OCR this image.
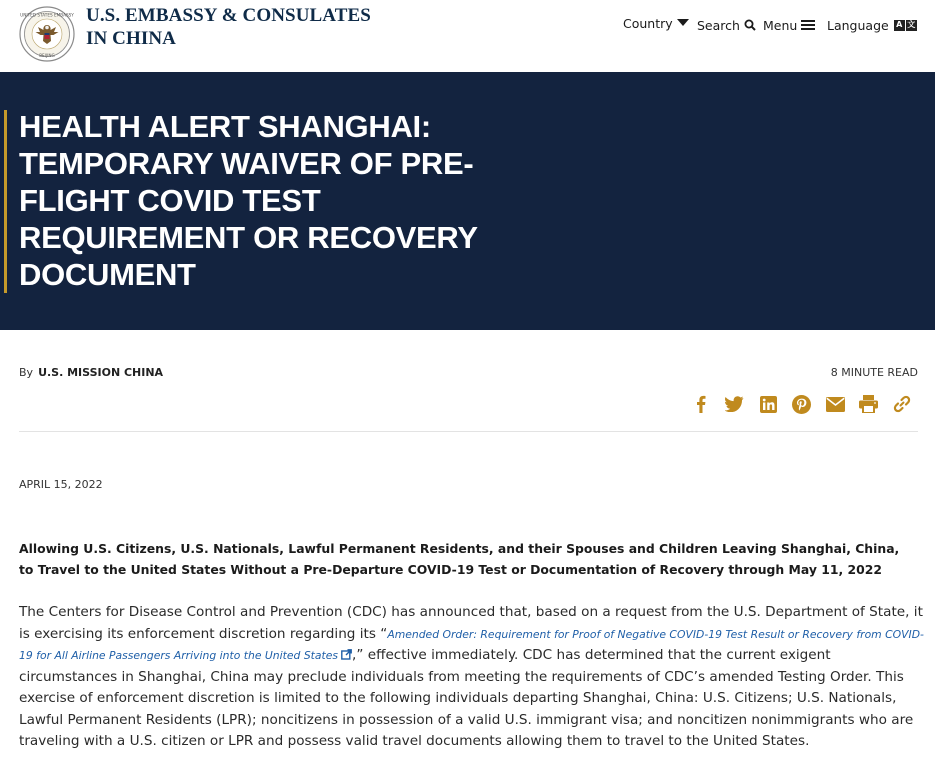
UNITED STATES EMBASSY
BEIJING
U.S. EMBASSY & CONSULATES
IN CHINA
Country Search Menu Language A 文
HEALTH ALERT SHANGHAI:
TEMPORARY WAIVER OF PRE-
FLIGHT COVID TEST
REQUIREMENT OR RECOVERY
DOCUMENT
By U.S. MISSION CHINA	8 MINUTE READ
APRIL 15, 2022

Allowing U.S. Citizens, U.S. Nationals, Lawful Permanent Residents, and their Spouses and Children Leaving Shanghai, China, to Travel to the United States Without a Pre-Departure COVID-19 Test or Documentation of Recovery through May 11, 2022

The Centers for Disease Control and Prevention (CDC) has announced that, based on a request from the U.S. Department of State, it is exercising its enforcement discretion regarding its “Amended Order: Requirement for Proof of Negative COVID-19 Test Result or Recovery from COVID-19 for All Airline Passengers Arriving into the United States ,” effective immediately. CDC has determined that the current exigent circumstances in Shanghai, China may preclude individuals from meeting the requirements of CDC’s amended Testing Order. This exercise of enforcement discretion is limited to the following individuals departing Shanghai, China: U.S. Citizens; U.S. Nationals, Lawful Permanent Residents (LPR); noncitizens in possession of a valid U.S. immigrant visa; and noncitizen nonimmigrants who are traveling with a U.S. citizen or LPR and possess valid travel documents allowing them to travel to the United States.
